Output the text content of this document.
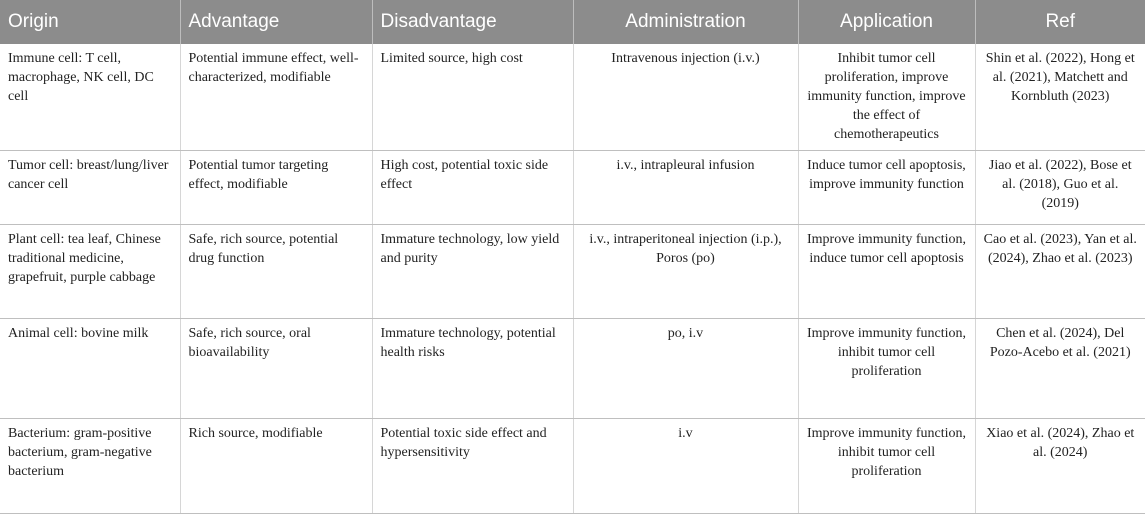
Origin	Advantage	Disadvantage	Administration	Application	Ref
Immune cell: T cell, macrophage, NK cell, DC cell	Potential immune effect, well-characterized, modifiable	Limited source, high cost	Intravenous injection (i.v.)	Inhibit tumor cell proliferation, improve immunity function, improve the effect of chemotherapeutics	Shin et al. (2022), Hong et al. (2021), Matchett and Kornbluth (2023)
Tumor cell: breast/lung/liver cancer cell	Potential tumor targeting effect, modifiable	High cost, potential toxic side effect	i.v., intrapleural infusion	Induce tumor cell apoptosis, improve immunity function	Jiao et al. (2022), Bose et al. (2018), Guo et al. (2019)
Plant cell: tea leaf, Chinese traditional medicine, grapefruit, purple cabbage	Safe, rich source, potential drug function	Immature technology, low yield and purity	i.v., intraperitoneal injection (i.p.), Poros (po)	Improve immunity function, induce tumor cell apoptosis	Cao et al. (2023), Yan et al. (2024), Zhao et al. (2023)
Animal cell: bovine milk	Safe, rich source, oral bioavailability	Immature technology, potential health risks	po, i.v	Improve immunity function, inhibit tumor cell proliferation	Chen et al. (2024), Del Pozo-Acebo et al. (2021)
Bacterium: gram-positive bacterium, gram-negative bacterium	Rich source, modifiable	Potential toxic side effect and hypersensitivity	i.v	Improve immunity function, inhibit tumor cell proliferation	Xiao et al. (2024), Zhao et al. (2024)
